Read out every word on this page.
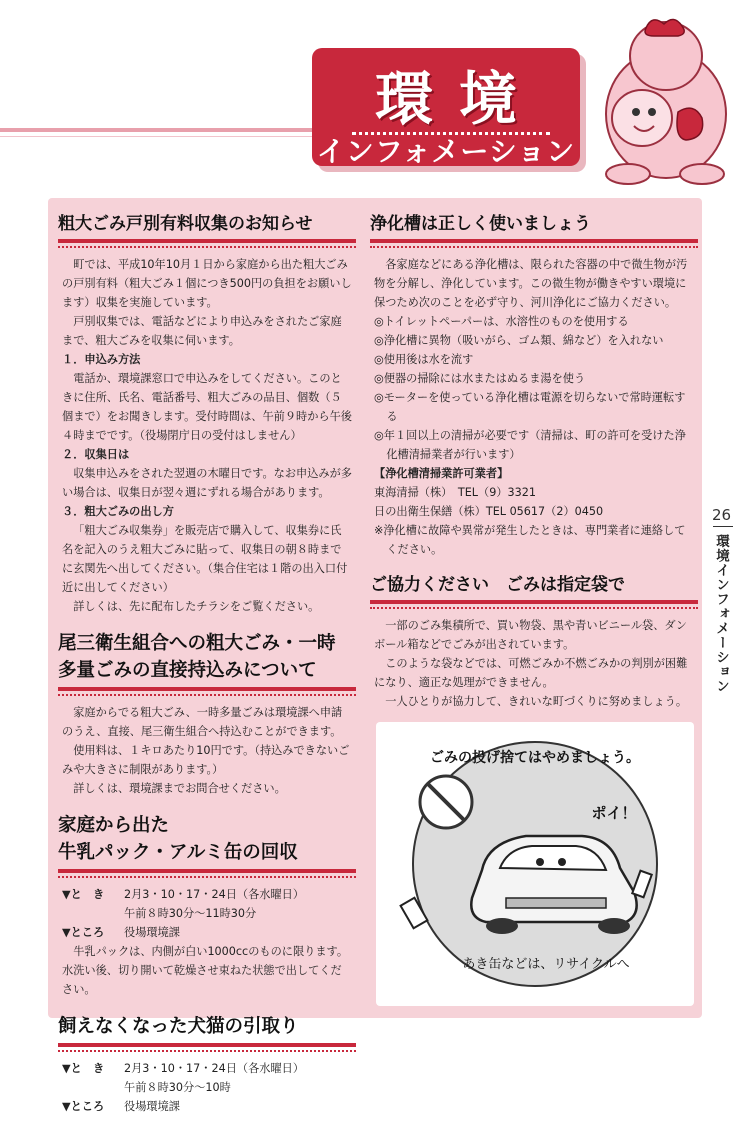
環境
インフォメーション
粗大ごみ戸別有料収集のお知らせ

町では、平成10年10月１日から家庭から出た粗大ごみの戸別有料（粗大ごみ１個につき500円の負担をお願いします）収集を実施しています。

戸別収集では、電話などにより申込みをされたご家庭まで、粗大ごみを収集に伺います。

１．申込み方法

電話か、環境課窓口で申込みをしてください。このときに住所、氏名、電話番号、粗大ごみの品目、個数（５個まで）をお聞きします。受付時間は、午前９時から午後４時までです。（役場閉庁日の受付はしません）

２．収集日は

収集申込みをされた翌週の木曜日です。なお申込みが多い場合は、収集日が翌々週にずれる場合があります。

３．粗大ごみの出し方

「粗大ごみ収集券」を販売店で購入して、収集券に氏名を記入のうえ粗大ごみに貼って、収集日の朝８時までに玄関先へ出してください。（集合住宅は１階の出入口付近に出してください）

詳しくは、先に配布したチラシをご覧ください。

尾三衛生組合への粗大ごみ・一時
多量ごみの直接持込みについて

家庭からでる粗大ごみ、一時多量ごみは環境課へ申請のうえ、直接、尾三衛生組合へ持込むことができます。

使用料は、１キロあたり10円です。（持込みできないごみや大きさに制限があります。）

詳しくは、環境課までお問合せください。

家庭から出た
牛乳パック・アルミ缶の回収
▼と　き	2月3・10・17・24日（各水曜日）
午前８時30分～11時30分
▼ところ	役場環境課

牛乳パックは、内側が白い1000ccのものに限ります。水洗い後、切り開いて乾燥させ束ねた状態で出してください。

飼えなくなった犬猫の引取り
▼と　き	2月3・10・17・24日（各水曜日）
午前８時30分～10時
▼ところ	役場環境課
浄化槽は正しく使いましょう

各家庭などにある浄化槽は、限られた容器の中で微生物が汚物を分解し、浄化しています。この微生物が働きやすい環境に保つため次のことを必ず守り、河川浄化にご協力ください。

◎トイレットペーパーは、水溶性のものを使用する

◎浄化槽に異物（吸いがら、ゴム類、綿など）を入れない

◎使用後は水を流す

◎便器の掃除には水またはぬるま湯を使う

◎モーターを使っている浄化槽は電源を切らないで常時運転する

◎年１回以上の清掃が必要です（清掃は、町の許可を受けた浄化槽清掃業者が行います）

【浄化槽清掃業許可業者】
東海清掃（株）　TEL（9）3321
日の出衛生保繕（株）TEL 05617（2）0450

※浄化槽に故障や異常が発生したときは、専門業者に連絡してください。

ご協力ください　ごみは指定袋で

一部のごみ集積所で、買い物袋、黒や青いビニール袋、ダンボール箱などでごみが出されています。

このような袋などでは、可燃ごみか不燃ごみかの判別が困難になり、適正な処理ができません。

一人ひとりが協力して、きれいな町づくりに努めましょう。

ごみの投げ捨てはやめましょう。
ポイ！
あき缶などは、リサイクルへ
26
環境インフォメーション
